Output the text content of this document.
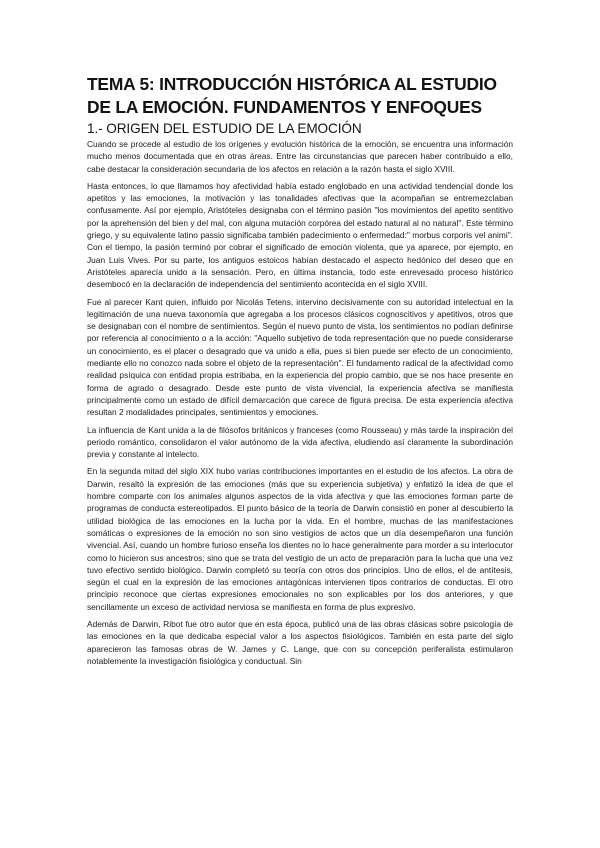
TEMA 5: INTRODUCCIÓN HISTÓRICA AL ESTUDIO DE LA EMOCIÓN. FUNDAMENTOS Y ENFOQUES
1.- ORIGEN DEL ESTUDIO DE LA EMOCIÓN

Cuando se procede al estudio de los orígenes y evolución histórica de la emoción, se encuentra una información mucho menos documentada que en otras áreas. Entre las circunstancias que parecen haber contribuido a ello, cabe destacar la consideración secundaria de los afectos en relación a la razón hasta el siglo XVIII.

Hasta entonces, lo que llamamos hoy afectividad había estado englobado en una actividad tendencial donde los apetitos y las emociones, la motivación y las tonalidades afectivas que la acompañan se entremezclaban confusamente. Así por ejemplo, Aristóteles designaba con el término pasión "los movimientos del apetito sentitivo por la aprehensión del bien y del mal, con alguna mutación corpórea del estado natural al no natural". Este término griego, y su equivalente latino passio significaba también padecimiento o enfermedad:" morbus corporis vel animi". Con el tiempo, la pasión terminó por cobrar el significado de emoción violenta, que ya aparece, por ejemplo, en Juan Luis Vives. Por su parte, los antiguos estoicos habían destacado el aspecto hedónico del deseo que en Aristóteles aparecía unido a la sensación. Pero, en última instancia, todo este enrevesado proceso histórico desembocó en la declaración de independencia del sentimiento acontecida en el siglo XVIII.

Fue al parecer Kant quien, influido por Nicolás Tetens, intervino decisivamente con su autoridad intelectual en la legitimación de una nueva taxonomía que agregaba a los procesos clásicos cognoscitivos y apetitivos, otros que se designaban con el nombre de sentimientos. Según el nuevo punto de vista, los sentimientos no podían definirse por referencia al conocimiento o a la acción: "Aquello subjetivo de toda representación que no puede considerarse un conocimiento, es el placer o desagrado que va unido a ella, pues si bien puede ser efecto de un conocimiento, mediante ello no conozco nada sobre el objeto de la representación". El fundamento radical de la afectividad como realidad psíquica con entidad propia estribaba, en la experiencia del propio cambio, que se nos hace presente en forma de agrado o desagrado. Desde este punto de vista vivencial, la experiencia afectiva se manifiesta principalmente como un estado de difícil demarcación que carece de figura precisa. De esta experiencia afectiva resultan 2 modalidades principales, sentimientos y emociones.

La influencia de Kant unida a la de filósofos británicos y franceses (como Rousseau) y más tarde la inspiración del periodo romántico, consolidaron el valor autónomo de la vida afectiva, eludiendo así claramente la subordinación previa y constante al intelecto.

En la segunda mitad del siglo XIX hubo varias contribuciones importantes en el estudio de los afectos. La obra de Darwin, resaltó la expresión de las emociones (más que su experiencia subjetiva) y enfatizó la idea de que el hombre comparte con los animales algunos aspectos de la vida afectiva y que las emociones forman parte de programas de conducta estereotipados. El punto básico de la teoría de Darwin consistió en poner al descubierto la utilidad biológica de las emociones en la lucha por la vida. En el hombre, muchas de las manifestaciones somáticas o expresiones de la emoción no son sino vestigios de actos que un día desempeñaron una función vivencial. Así, cuando un hombre furioso enseña los dientes no lo hace generalmente para morder a su interlocutor como lo hicieron sus ancestros; sino que se trata del vestigio de un acto de preparación para la lucha que una vez tuvo efectivo sentido biológico. Darwin completó su teoría con otros dos principios. Uno de ellos, el de antítesis, según el cual en la expresión de las emociones antagónicas intervienen tipos contrarios de conductas. El otro principio reconoce que ciertas expresiones emocionales no son explicables por los dos anteriores, y que sencillamente un exceso de actividad nerviosa se manifiesta en forma de plus expresivo.

Además de Darwin, Ribot fue otro autor que en esta época, publicó una de las obras clásicas sobre psicología de las emociones en la que dedicaba especial valor a los aspectos fisiológicos. También en esta parte del siglo aparecieron las famosas obras de W. James y C. Lange, que con su concepción periferalista estimularon notablemente la investigación fisiológica y conductual. Sin
